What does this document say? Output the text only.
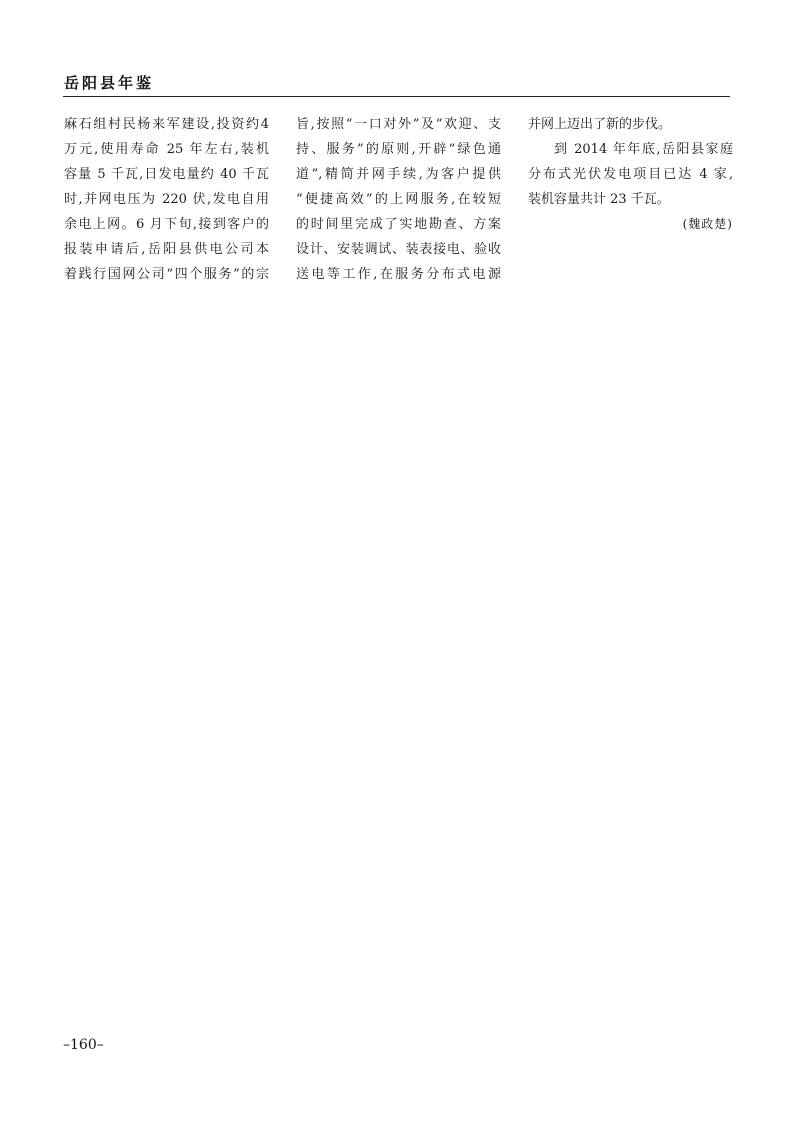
岳阳县年鉴
麻石组村民杨来军建设,投资约4
万元,使用寿命 25 年左右,装机
容量 5 千瓦,日发电量约 40 千瓦
时,并网电压为 220 伏,发电自用
余电上网。6 月下旬,接到客户的
报装申请后,岳阳县供电公司本
着践行国网公司“四个服务”的宗
旨,按照“一口对外”及“欢迎、支
持、服务”的原则,开辟“绿色通
道”,精简并网手续,为客户提供
“便捷高效”的上网服务,在较短
的时间里完成了实地勘查、方案
设计、安装调试、装表接电、验收
送电等工作,在服务分布式电源
并网上迈出了新的步伐。
到 2014 年年底,岳阳县家庭
分布式光伏发电项目已达 4 家,
装机容量共计 23 千瓦。
(魏政楚)
–160–
